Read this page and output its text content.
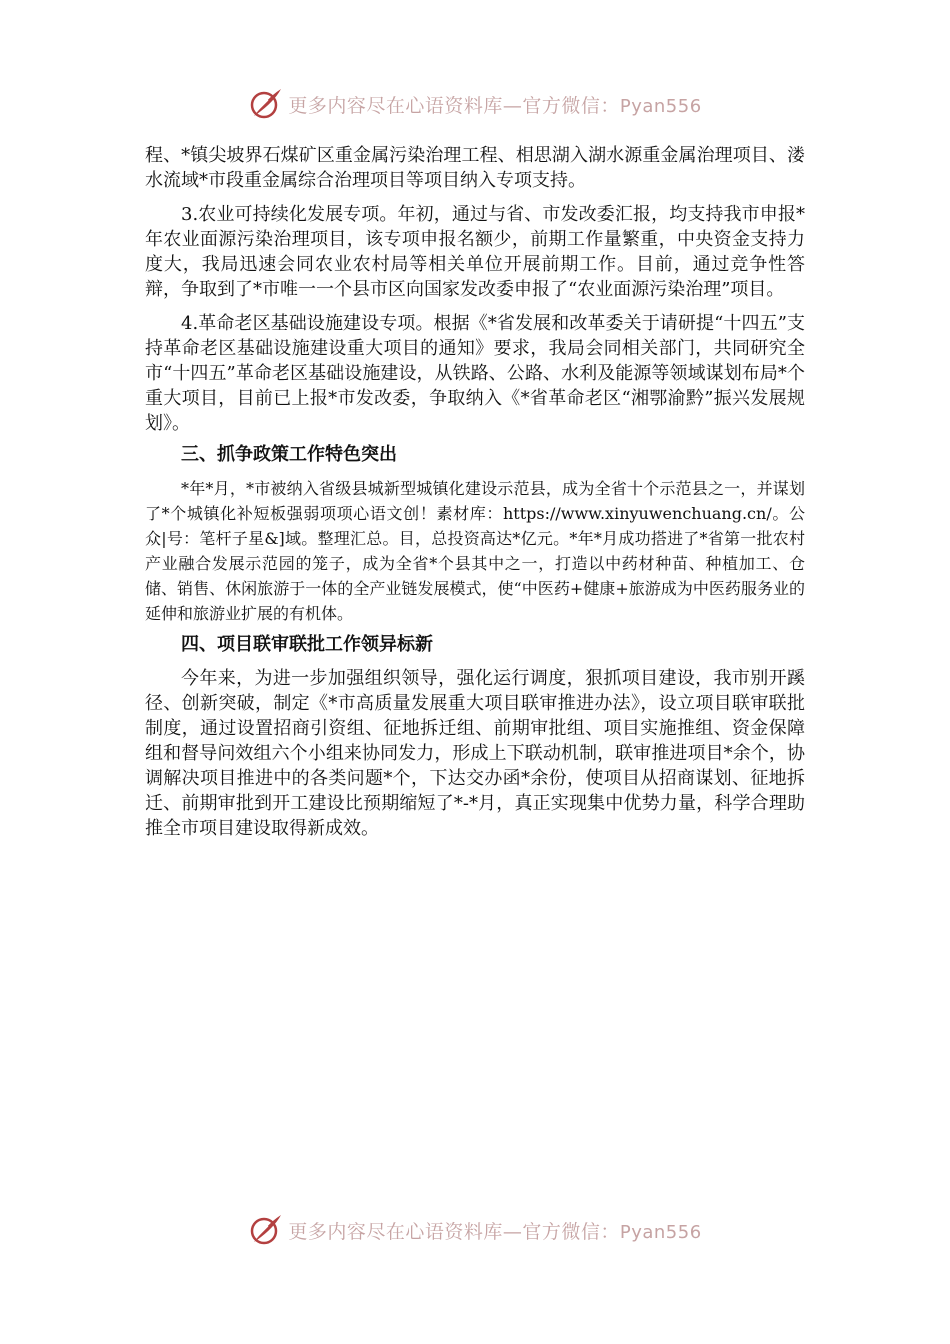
更多内容尽在心语资料库—官方微信：Pyan556

程、*镇尖坡界石煤矿区重金属污染治理工程、相思湖入湖水源重金属治理项目、溇水流域*市段重金属综合治理项目等项目纳入专项支持。

3.农业可持续化发展专项。年初，通过与省、市发改委汇报，均支持我市申报*年农业面源污染治理项目，该专项申报名额少，前期工作量繁重，中央资金支持力度大，我局迅速会同农业农村局等相关单位开展前期工作。目前，通过竞争性答辩，争取到了*市唯一一个县市区向国家发改委申报了“农业面源污染治理”项目。

4.革命老区基础设施建设专项。根据《*省发展和改革委关于请研提“十四五”支持革命老区基础设施建设重大项目的通知》要求，我局会同相关部门，共同研究全市“十四五”革命老区基础设施建设，从铁路、公路、水利及能源等领域谋划布局*个重大项目，目前已上报*市发改委，争取纳入《*省革命老区“湘鄂渝黔”振兴发展规划》。

三、抓争政策工作特色突出

*年*月，*市被纳入省级县城新型城镇化建设示范县，成为全省十个示范县之一，并谋划了*个城镇化补短板强弱项项心语文创！素材库：https://www.xinyuwenchuang.cn/。公众|号：笔杆子星&]域。整理汇总。目，总投资高达*亿元。*年*月成功搭进了*省第一批农村产业融合发展示范园的笼子，成为全省*个县其中之一，打造以中药材种苗、种植加工、仓储、销售、休闲旅游于一体的全产业链发展模式，使“中医药+健康+旅游成为中医药服务业的延伸和旅游业扩展的有机体。

四、项目联审联批工作领异标新

今年来，为进一步加强组织领导，强化运行调度，狠抓项目建设，我市别开蹊径、创新突破，制定《*市高质量发展重大项目联审推进办法》，设立项目联审联批制度，通过设置招商引资组、征地拆迁组、前期审批组、项目实施推组、资金保障组和督导问效组六个小组来协同发力，形成上下联动机制，联审推进项目*余个，协调解决项目推进中的各类问题*个，下达交办函*余份，使项目从招商谋划、征地拆迁、前期审批到开工建设比预期缩短了*-*月，真正实现集中优势力量，科学合理助推全市项目建设取得新成效。

更多内容尽在心语资料库—官方微信：Pyan556
